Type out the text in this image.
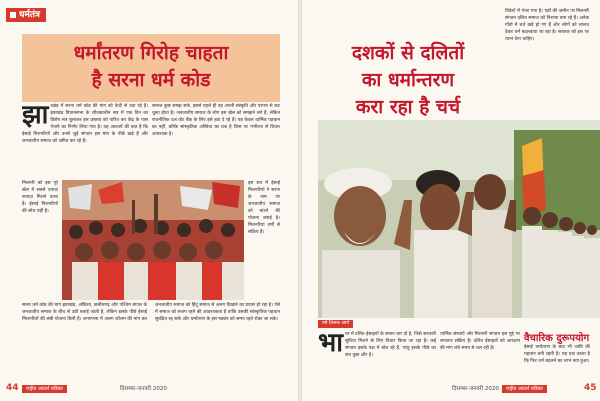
धर्मतंत्र
धर्मांतरण गिरोह चाहता
है सरना धर्म कोड
झारखंड में सरना धर्म कोड की मांग को तेज़ी से उठा रहे हैं। झारखंड विधानसभा के शीतकालीन सत्र में एक दिन का विशेष सत्र बुलाकर इस प्रस्ताव को पारित कर केंद्र के पास भेजने का निर्णय लिया गया है। यह आश्चर्य की बात है कि ईसाई मिशनरियों और उनसे जुड़े संगठन इस मांग के पीछे खड़े हैं और जनजातीय समाज को भ्रमित कर रहे हैं।
समाज कुछ समझ सके, इससे पहले ही वह अपनी संस्कृति और परंपरा से कट चुका होता है। जनजातीय समाज के लोग इस खेल को समझने लगे हैं, लेकिन राजनीतिक दल वोट बैंक के लिए इसे हवा दे रहे हैं। यह केवल धार्मिक पहचान का नहीं, बल्कि सांस्कृतिक अस्तित्व का प्रश्न है जिस पर गंभीरता से विचार आवश्यक है।
मिशनरी को इस पूरे खेल में सबसे ज़्यादा फायदा मिलने वाला है। ईसाई मिशनरियों की सोच यही है।
इस सत्र में ईसाई मिशनरियों ने सरना के नाम पर जनजातीय समाज को बांटने की योजना बनाई है। मिशनरियां वर्षों से सक्रिय हैं।
सरना धर्म कोड की मांग झारखंड, ओडिशा, छत्तीसगढ़ और पश्चिम बंगाल के जनजातीय समाज के बीच से उठी बताई जाती है, लेकिन इसके पीछे ईसाई मिशनरियों की लंबी योजना छिपी है। जनगणना में अलग कॉलम की मांग कर जनजातीय समाज को हिंदू समाज से अलग दिखाने का प्रयास हो रहा है। ऐसे में समाज को सजग रहने की आवश्यकता है ताकि उसकी सांस्कृतिक पहचान सुरक्षित रह सके और धर्मांतरण के इस षड्यंत्र को समय रहते रोका जा सके।
44	राष्ट्रीय आदर्श पत्रिका	दिसम्बर-जनवरी 2020
दशकों से दलितों
का धर्मान्तरण
करा रहा है चर्च
विदेशों में भेजा गया है। यहाँ की ज़मीन पर मिशनरी संगठन दलित समाज को निशाना बना रहे हैं। अनेक गाँवों में चर्च खड़े हो गए हैं और लोगों को लालच देकर धर्म बदलवाया जा रहा है। सरकार को इस पर ध्यान देना चाहिए।
वर्ष तिलक आर्य
भारत में दलित ईसाइयों के समान चार दो है, जिसे सरकारी सुविधा मिलने के लिए विचार किया जा रहा है। कई संगठन इसके पक्ष में बोल रहे हैं, परंतु इसके पीछे का सच कुछ और है।
धार्मिक संस्थाएँ और मिशनरी संगठन इस मुद्दे पर लगातार सक्रिय हैं। दलित ईसाइयों को आरक्षण की मांग लंबे समय से चल रही है।
वैचारिक दुरूपयोग
ईसाई धर्मांतरण के बाद भी जाति की पहचान बनी रहती है। यह प्रश्न उठता है कि फिर धर्म बदलने का लाभ क्या हुआ।
दिसम्बर-जनवरी 2020	राष्ट्रीय आदर्श पत्रिका	45
